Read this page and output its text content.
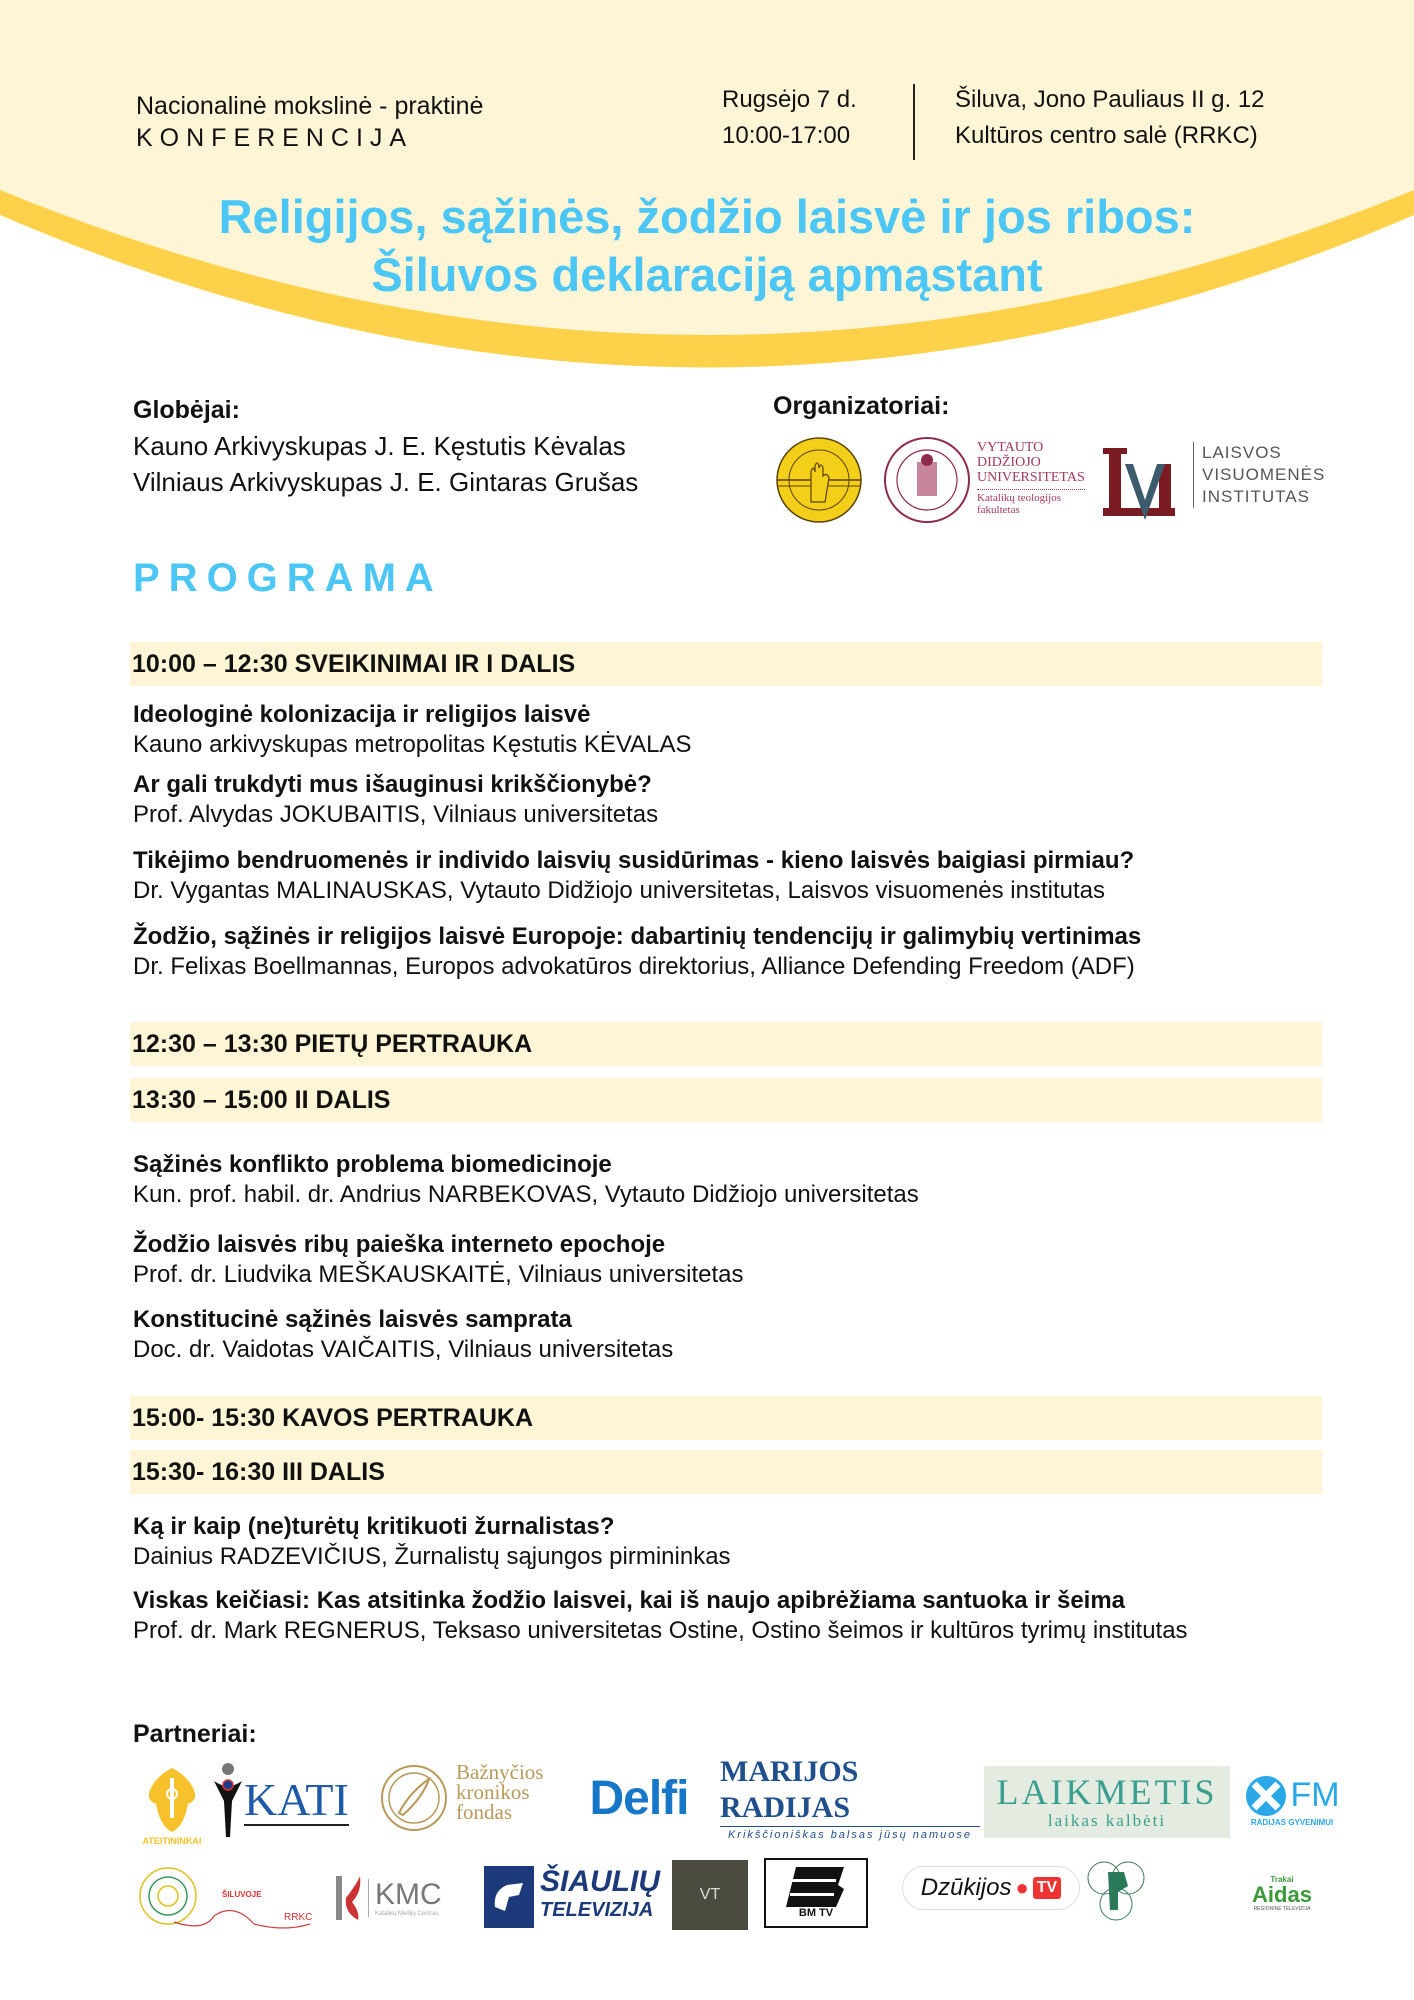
Nacionalinė mokslinė - praktinė
KONFERENCIJA
Rugsėjo 7 d.
10:00-17:00
Šiluva, Jono Pauliaus II g. 12
Kultūros centro salė (RRKC)
Religijos, sąžinės, žodžio laisvė ir jos ribos:
Šiluvos deklaraciją apmąstant
Globėjai:
Kauno Arkivyskupas J. E. Kęstutis Kėvalas
Vilniaus Arkivyskupas J. E. Gintaras Grušas
Organizatoriai:
VYTAUTO
DIDŽIOJO
UNIVERSITETAS
Katalikų teologijos
fakultetas
LAISVOS
VISUOMENĖS
INSTITUTAS
PROGRAMA
10:00 – 12:30 SVEIKINIMAI IR I DALIS
Ideologinė kolonizacija ir religijos laisvė
Kauno arkivyskupas metropolitas Kęstutis KĖVALAS
Ar gali trukdyti mus išauginusi krikščionybė?
Prof. Alvydas JOKUBAITIS, Vilniaus universitetas
Tikėjimo bendruomenės ir individo laisvių susidūrimas - kieno laisvės baigiasi pirmiau?
Dr. Vygantas MALINAUSKAS, Vytauto Didžiojo universitetas, Laisvos visuomenės institutas
Žodžio, sąžinės ir religijos laisvė Europoje: dabartinių tendencijų ir galimybių vertinimas
Dr. Felixas Boellmannas, Europos advokatūros direktorius, Alliance Defending Freedom (ADF)
12:30 – 13:30 PIETŲ PERTRAUKA
13:30 – 15:00 II DALIS
Sąžinės konflikto problema biomedicinoje
Kun. prof. habil. dr. Andrius NARBEKOVAS, Vytauto Didžiojo universitetas
Žodžio laisvės ribų paieška interneto epochoje
Prof. dr. Liudvika MEŠKAUSKAITĖ, Vilniaus universitetas
Konstitucinė sąžinės laisvės samprata
Doc. dr. Vaidotas VAIČAITIS, Vilniaus universitetas
15:00- 15:30 KAVOS PERTRAUKA
15:30- 16:30 III DALIS
Ką ir kaip (ne)turėtų kritikuoti žurnalistas?
Dainius RADZEVIČIUS, Žurnalistų sąjungos pirmininkas
Viskas keičiasi: Kas atsitinka žodžio laisvei, kai iš naujo apibrėžiama santuoka ir šeima
Prof. dr. Mark REGNERUS, Teksaso universitetas Ostine, Ostino šeimos ir kultūros tyrimų institutas
Partneriai:
ATEITININKAI
KATI
Bažnyčios
kronikos
fondas	Delfi
MARIJOS RADIJAS
Krikščioniškas balsas jūsų namuose
LAIKMETIS
laikas kalbėti
FM
RADIJAS GYVENIMUI
ŠILUVOJE
RRKC
KMC
Katalikų Medijų Centras
ŠIAULIŲ
TELEVIZIJA
VT
BM TV
Dzūkijos ● TV	Trakai
Aidas
REGIONINĖ TELEVIZIJA
